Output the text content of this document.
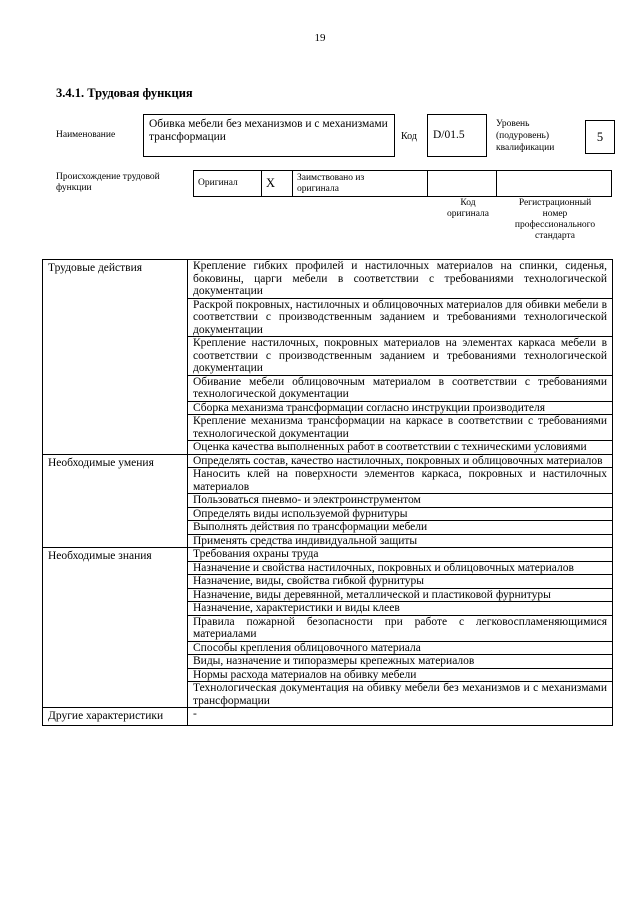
19
3.4.1. Трудовая функция
Наименование
Обивка мебели без механизмов и с механизмами трансформации	Код	D/01.5
Уровень
(подуровень)
квалификации
5
Происхождение трудовой
функции	Оригинал	X	Заимствовано из
оригинала

Код
оригинала
Регистрационный
номер
профессионального
стандарта
Трудовые действия	Крепление гибких профилей и настилочных материалов на спинки, сиденья, боковины, царги мебели в соответствии с требованиями технологической документации
	Раскрой покровных, настилочных и облицовочных материалов для обивки мебели в соответствии с производственным заданием и требованиями технологической документации
	Крепление настилочных, покровных материалов на элементах каркаса мебели в соответствии с производственным заданием и требованиями технологической документации
	Обивание мебели облицовочным материалом в соответствии с требованиями технологической документации
	Сборка механизма трансформации согласно инструкции производителя
	Крепление механизма трансформации на каркасе в соответствии с требованиями технологической документации
	Оценка качества выполненных работ в соответствии с техническими условиями
Необходимые умения	Определять состав, качество настилочных, покровных и облицовочных материалов
	Наносить клей на поверхности элементов каркаса, покровных и настилочных материалов
	Пользоваться пневмо- и электроинструментом
	Определять виды используемой фурнитуры
	Выполнять действия по трансформации мебели
	Применять средства индивидуальной защиты
Необходимые знания	Требования охраны труда
	Назначение и свойства настилочных, покровных и облицовочных материалов
	Назначение, виды, свойства гибкой фурнитуры
	Назначение, виды деревянной, металлической и пластиковой фурнитуры
	Назначение, характеристики и виды клеев
	Правила пожарной безопасности при работе с легковоспламеняющимися материалами
	Способы крепления облицовочного материала
	Виды, назначение и типоразмеры крепежных материалов
	Нормы расхода материалов на обивку мебели
	Технологическая документация на обивку мебели без механизмов и с механизмами трансформации
Другие характеристики	-
